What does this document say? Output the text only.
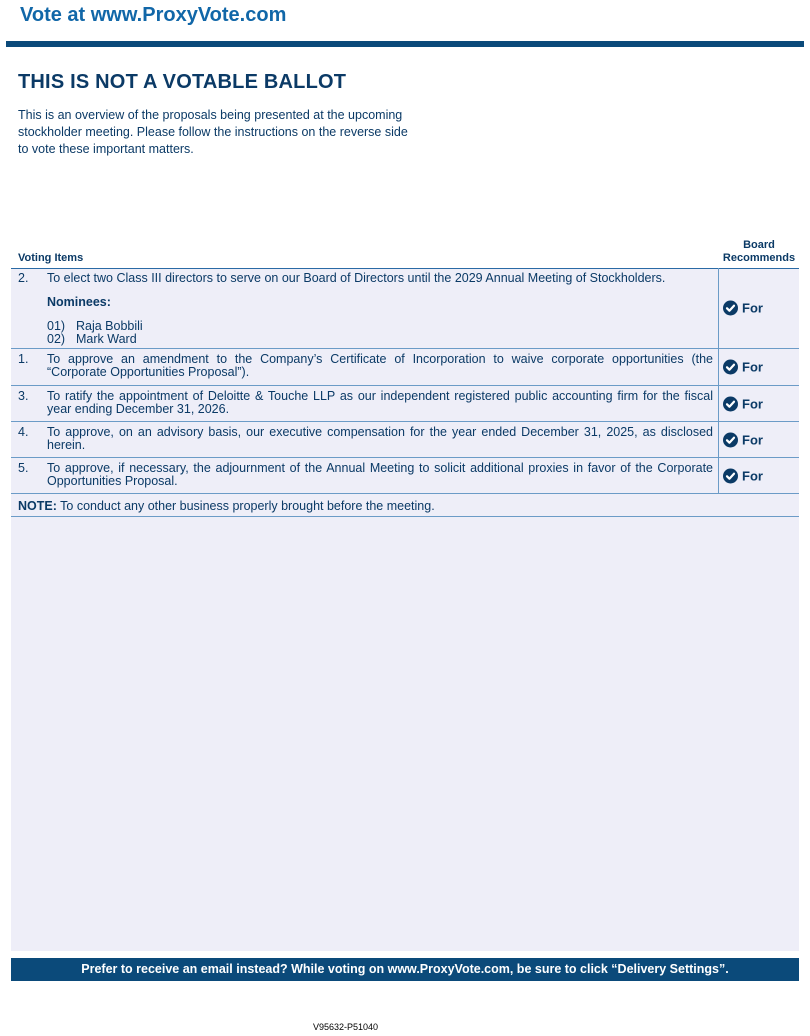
Vote at www.ProxyVote.com
THIS IS NOT A VOTABLE BALLOT
This is an overview of the proposals being presented at the upcoming stockholder meeting. Please follow the instructions on the reverse side to vote these important matters.
Voting Items
Board
Recommends
2. To elect two Class III directors to serve on our Board of Directors until the 2029 Annual Meeting of Stockholders.
Nominees:
01) Raja Bobbili
02) Mark Ward
For
1. To approve an amendment to the Company’s Certificate of Incorporation to waive corporate opportunities (the “Corporate Opportunities Proposal”).	For
3. To ratify the appointment of Deloitte & Touche LLP as our independent registered public accounting firm for the fiscal year ending December 31, 2026.	For
4. To approve, on an advisory basis, our executive compensation for the year ended December 31, 2025, as disclosed herein.	For
5. To approve, if necessary, the adjournment of the Annual Meeting to solicit additional proxies in favor of the Corporate Opportunities Proposal.	For
NOTE: To conduct any other business properly brought before the meeting.
Prefer to receive an email instead? While voting on www.ProxyVote.com, be sure to click “Delivery Settings”.
V95632-P51040
